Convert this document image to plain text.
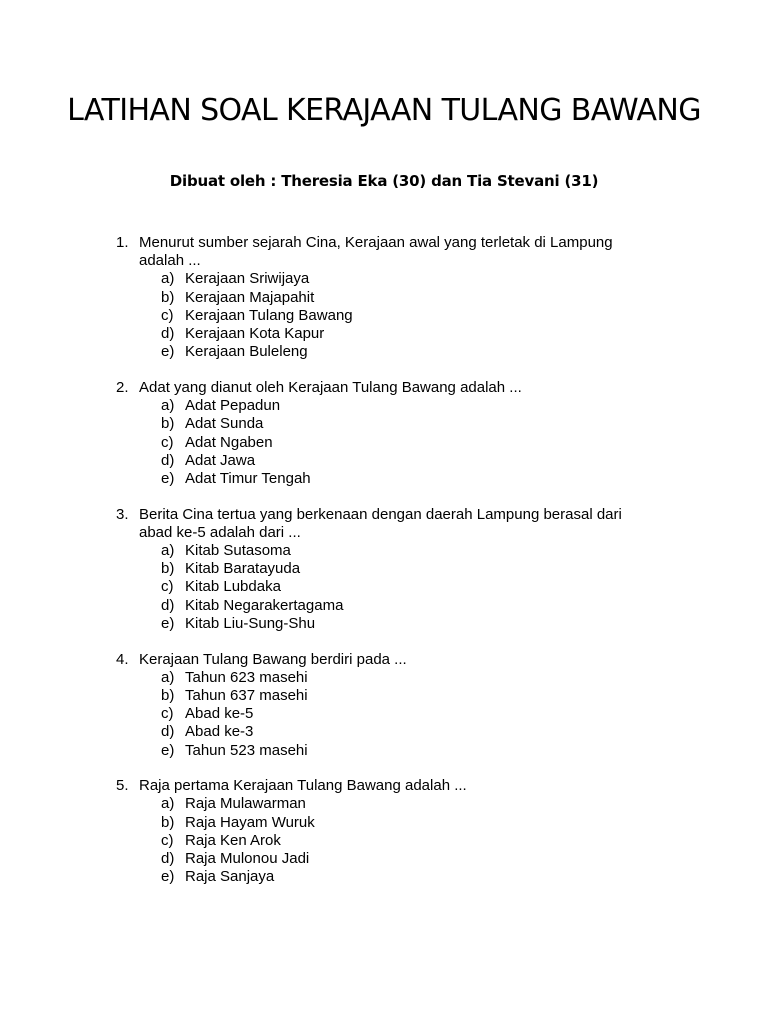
LATIHAN SOAL KERAJAAN TULANG BAWANG

Dibuat oleh : Theresia Eka (30) dan Tia Stevani (31)

1. Menurut sumber sejarah Cina, Kerajaan awal yang terletak di Lampung adalah ...
a) Kerajaan Sriwijaya
b) Kerajaan Majapahit
c) Kerajaan Tulang Bawang
d) Kerajaan Kota Kapur
e) Kerajaan Buleleng
2. Adat yang dianut oleh Kerajaan Tulang Bawang adalah ...
a) Adat Pepadun
b) Adat Sunda
c) Adat Ngaben
d) Adat Jawa
e) Adat Timur Tengah
3. Berita Cina tertua yang berkenaan dengan daerah Lampung berasal dari abad ke-5 adalah dari ...
a) Kitab Sutasoma
b) Kitab Baratayuda
c) Kitab Lubdaka
d) Kitab Negarakertagama
e) Kitab Liu-Sung-Shu
4. Kerajaan Tulang Bawang berdiri pada ...
a) Tahun 623 masehi
b) Tahun 637 masehi
c) Abad ke-5
d) Abad ke-3
e) Tahun 523 masehi
5. Raja pertama Kerajaan Tulang Bawang adalah ...
a) Raja Mulawarman
b) Raja Hayam Wuruk
c) Raja Ken Arok
d) Raja Mulonou Jadi
e) Raja Sanjaya
